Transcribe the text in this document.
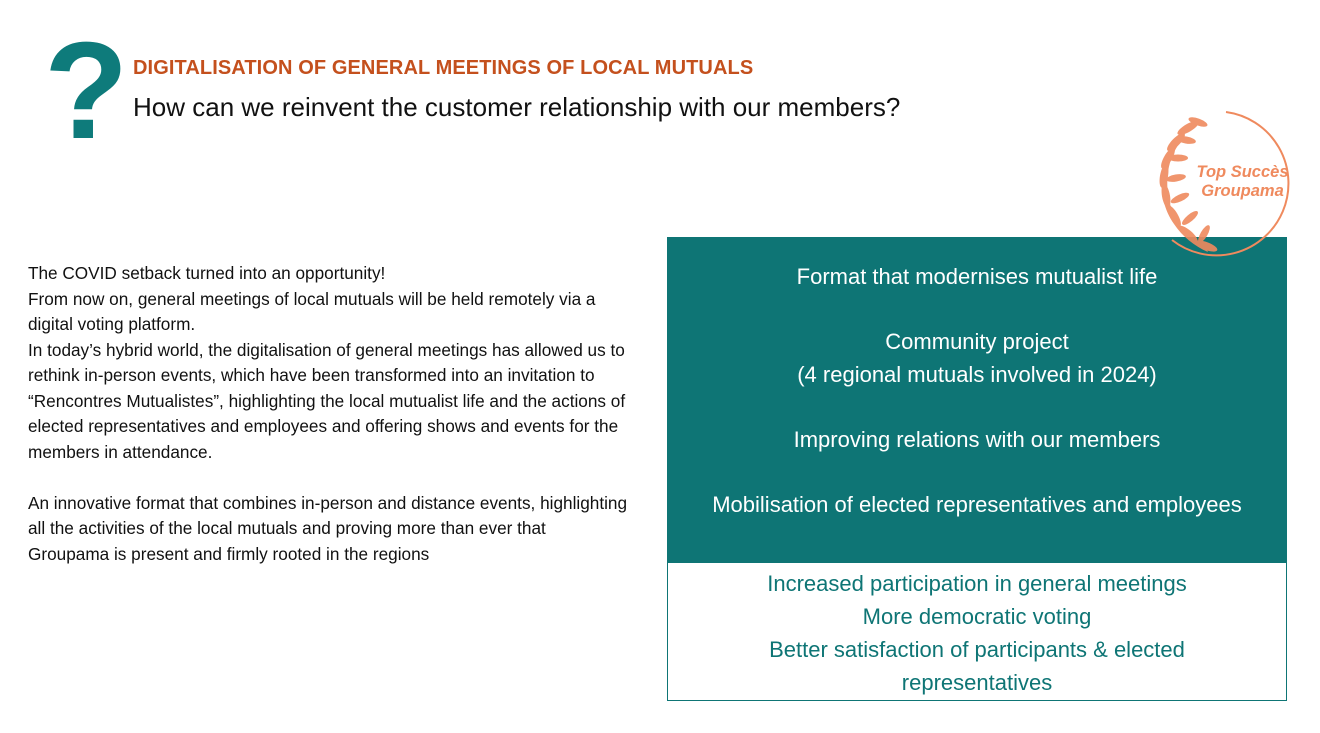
? DIGITALISATION OF GENERAL MEETINGS OF LOCAL MUTUALS
How can we reinvent the customer relationship with our members?

The COVID setback turned into an opportunity!

From now on, general meetings of local mutuals will be held remotely via a digital voting platform.

In today’s hybrid world, the digitalisation of general meetings has allowed us to rethink in-person events, which have been transformed into an invitation to “Rencontres Mutualistes”, highlighting the local mutualist life and the actions of elected representatives and employees and offering shows and events for the members in attendance.

An innovative format that combines in-person and distance events, highlighting all the activities of the local mutuals and proving more than ever that Groupama is present and firmly rooted in the regions

Format that modernises mutualist life

Community project

(4 regional mutuals involved in 2024)

Improving relations with our members

Mobilisation of elected representatives and employees

Increased participation in general meetings

More democratic voting

Better satisfaction of participants & elected representatives

Top Succès
Groupama
